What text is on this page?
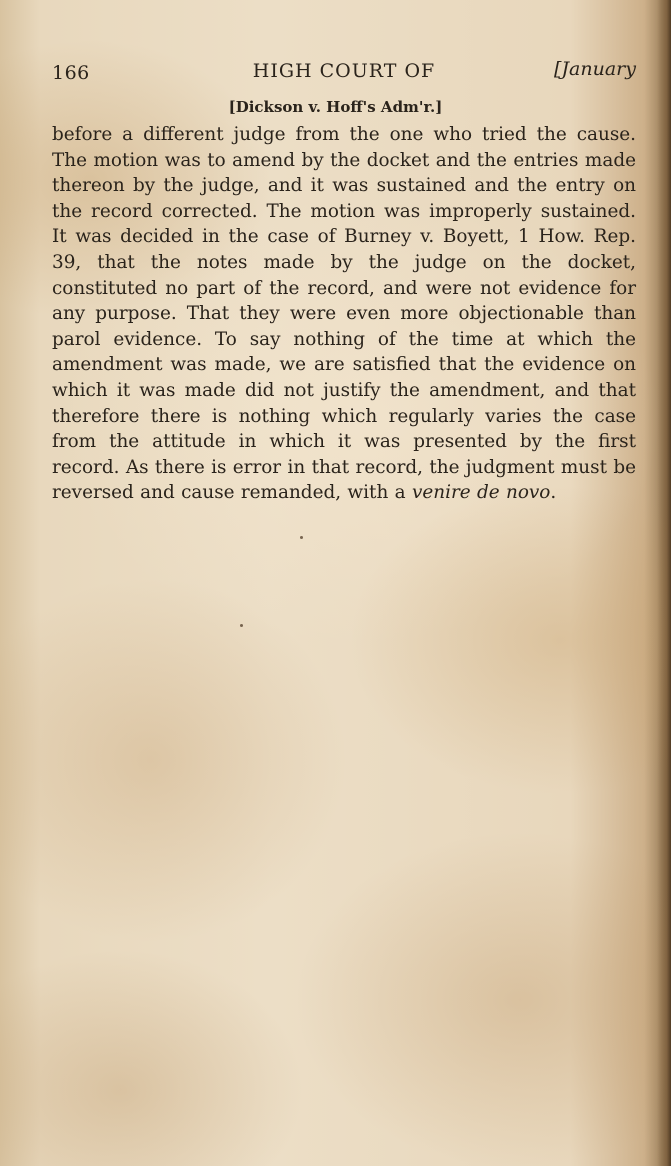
166	HIGH COURT OF	[January
[Dickson v. Hoff's Adm'r.]

before a different judge from the one who tried the cause. The motion was to amend by the docket and the entries made thereon by the judge, and it was sustained and the entry on the record corrected. The motion was improperly sustained. It was decided in the case of Burney v. Boyett, 1 How. Rep. 39, that the notes made by the judge on the docket, constituted no part of the record, and were not evidence for any purpose. That they were even more objectionable than parol evidence. To say nothing of the time at which the amendment was made, we are satisfied that the evidence on which it was made did not justify the amendment, and that therefore there is nothing which regularly varies the case from the attitude in which it was presented by the first record. As there is error in that record, the judgment must be reversed and cause remanded, with a venire de novo.
